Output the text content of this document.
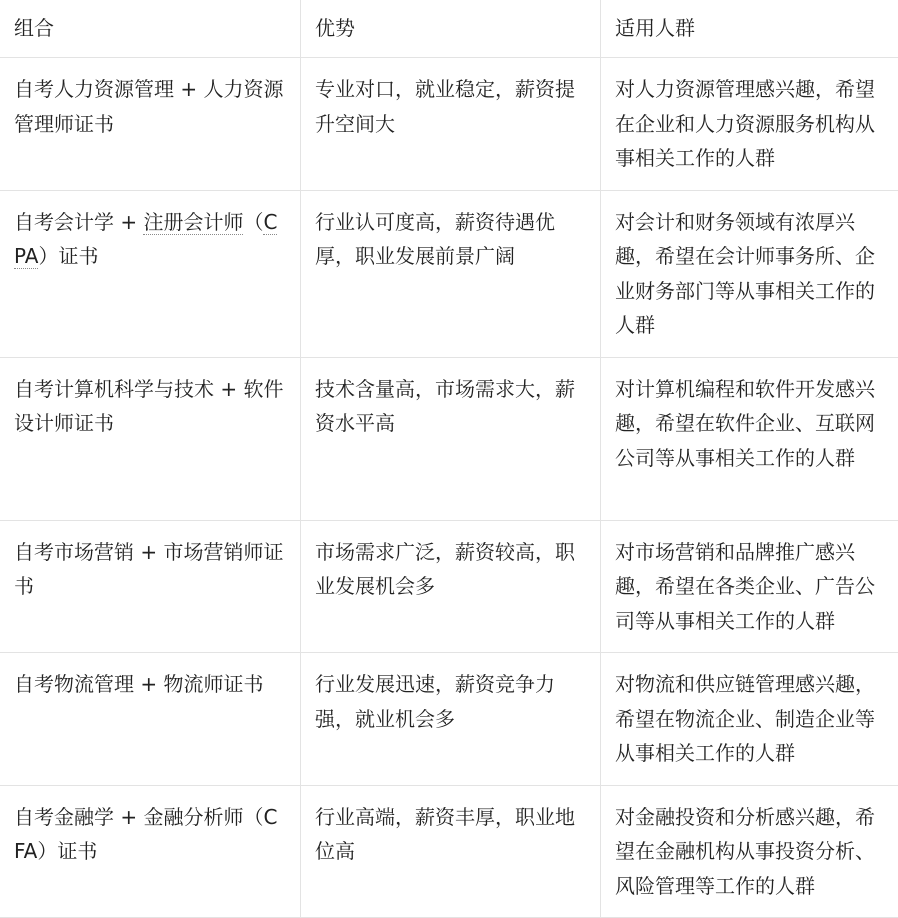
组合	优势	适用人群
自考人力资源管理 + 人力资源管理师证书	专业对口，就业稳定，薪资提升空间大	对人力资源管理感兴趣，希望在企业和人力资源服务机构从事相关工作的人群
自考会计学 + 注册会计师（CPA）证书	行业认可度高，薪资待遇优厚，职业发展前景广阔	对会计和财务领域有浓厚兴趣，希望在会计师事务所、企业财务部门等从事相关工作的人群
自考计算机科学与技术 + 软件设计师证书	技术含量高，市场需求大，薪资水平高	对计算机编程和软件开发感兴趣，希望在软件企业、互联网公司等从事相关工作的人群
自考市场营销 + 市场营销师证书	市场需求广泛，薪资较高，职业发展机会多	对市场营销和品牌推广感兴趣，希望在各类企业、广告公司等从事相关工作的人群
自考物流管理 + 物流师证书	行业发展迅速，薪资竞争力强，就业机会多	对物流和供应链管理感兴趣，希望在物流企业、制造企业等从事相关工作的人群
自考金融学 + 金融分析师（CFA）证书	行业高端，薪资丰厚，职业地位高	对金融投资和分析感兴趣，希望在金融机构从事投资分析、风险管理等工作的人群
